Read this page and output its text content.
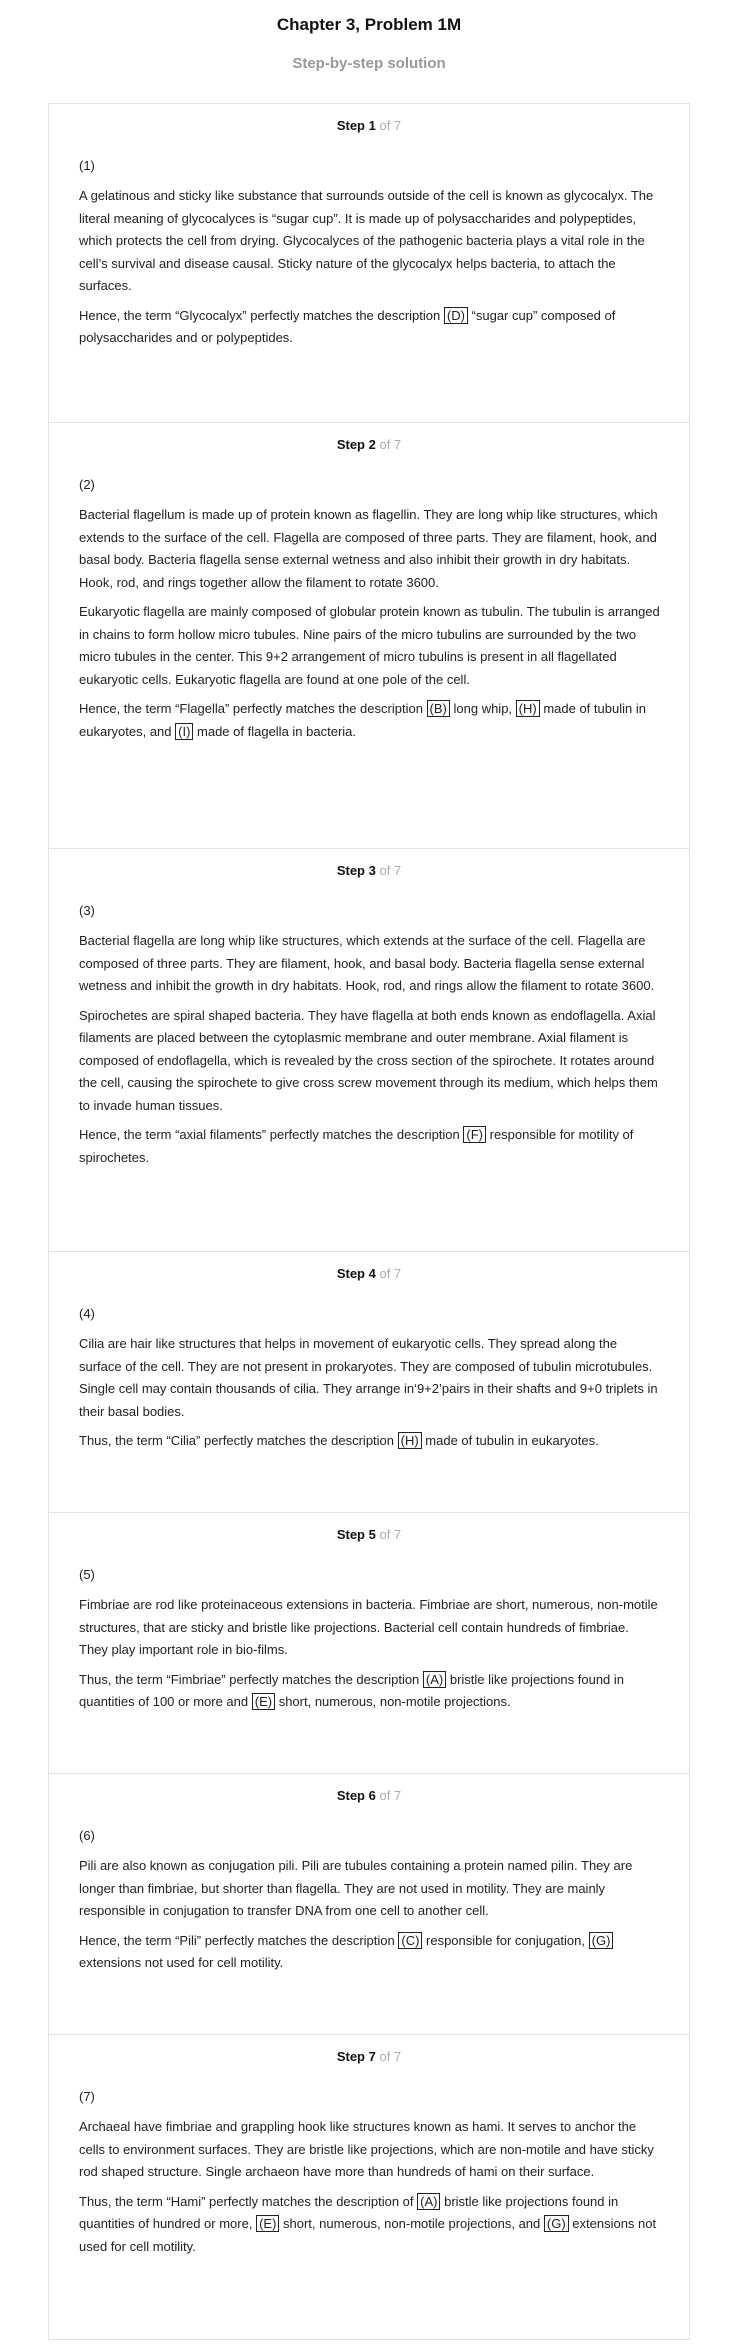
Chapter 3, Problem 1M
Step-by-step solution
Step 1 of 7
(1)

A gelatinous and sticky like substance that surrounds outside of the cell is known as glycocalyx. The literal meaning of glycocalyces is “sugar cup”. It is made up of polysaccharides and polypeptides, which protects the cell from drying. Glycocalyces of the pathogenic bacteria plays a vital role in the cell’s survival and disease causal. Sticky nature of the glycocalyx helps bacteria, to attach the surfaces.

Hence, the term “Glycocalyx” perfectly matches the description (D) “sugar cup” composed of polysaccharides and or polypeptides.

Step 2 of 7
(2)

Bacterial flagellum is made up of protein known as flagellin. They are long whip like structures, which extends to the surface of the cell. Flagella are composed of three parts. They are filament, hook, and basal body. Bacteria flagella sense external wetness and also inhibit their growth in dry habitats. Hook, rod, and rings together allow the filament to rotate 3600.

Eukaryotic flagella are mainly composed of globular protein known as tubulin. The tubulin is arranged in chains to form hollow micro tubules. Nine pairs of the micro tubulins are surrounded by the two micro tubules in the center. This 9+2 arrangement of micro tubulins is present in all flagellated eukaryotic cells. Eukaryotic flagella are found at one pole of the cell.

Hence, the term “Flagella” perfectly matches the description (B) long whip, (H) made of tubulin in eukaryotes, and (I) made of flagella in bacteria.

Step 3 of 7
(3)

Bacterial flagella are long whip like structures, which extends at the surface of the cell. Flagella are composed of three parts. They are filament, hook, and basal body. Bacteria flagella sense external wetness and inhibit the growth in dry habitats. Hook, rod, and rings allow the filament to rotate 3600.

Spirochetes are spiral shaped bacteria. They have flagella at both ends known as endoflagella. Axial filaments are placed between the cytoplasmic membrane and outer membrane. Axial filament is composed of endoflagella, which is revealed by the cross section of the spirochete. It rotates around the cell, causing the spirochete to give cross screw movement through its medium, which helps them to invade human tissues.

Hence, the term “axial filaments” perfectly matches the description (F) responsible for motility of spirochetes.

Step 4 of 7
(4)

Cilia are hair like structures that helps in movement of eukaryotic cells. They spread along the surface of the cell. They are not present in prokaryotes. They are composed of tubulin microtubules. Single cell may contain thousands of cilia. They arrange in‘9+2’pairs in their shafts and 9+0 triplets in their basal bodies.

Thus, the term “Cilia” perfectly matches the description (H) made of tubulin in eukaryotes.

Step 5 of 7
(5)

Fimbriae are rod like proteinaceous extensions in bacteria. Fimbriae are short, numerous, non-motile structures, that are sticky and bristle like projections. Bacterial cell contain hundreds of fimbriae. They play important role in bio-films.

Thus, the term “Fimbriae” perfectly matches the description (A) bristle like projections found in quantities of 100 or more and (E) short, numerous, non-motile projections.

Step 6 of 7
(6)

Pili are also known as conjugation pili. Pili are tubules containing a protein named pilin. They are longer than fimbriae, but shorter than flagella. They are not used in motility. They are mainly responsible in conjugation to transfer DNA from one cell to another cell.

Hence, the term “Pili” perfectly matches the description (C) responsible for conjugation, (G) extensions not used for cell motility.

Step 7 of 7
(7)

Archaeal have fimbriae and grappling hook like structures known as hami. It serves to anchor the cells to environment surfaces. They are bristle like projections, which are non-motile and have sticky rod shaped structure. Single archaeon have more than hundreds of hami on their surface.

Thus, the term “Hami” perfectly matches the description of (A) bristle like projections found in quantities of hundred or more, (E) short, numerous, non-motile projections, and (G) extensions not used for cell motility.
